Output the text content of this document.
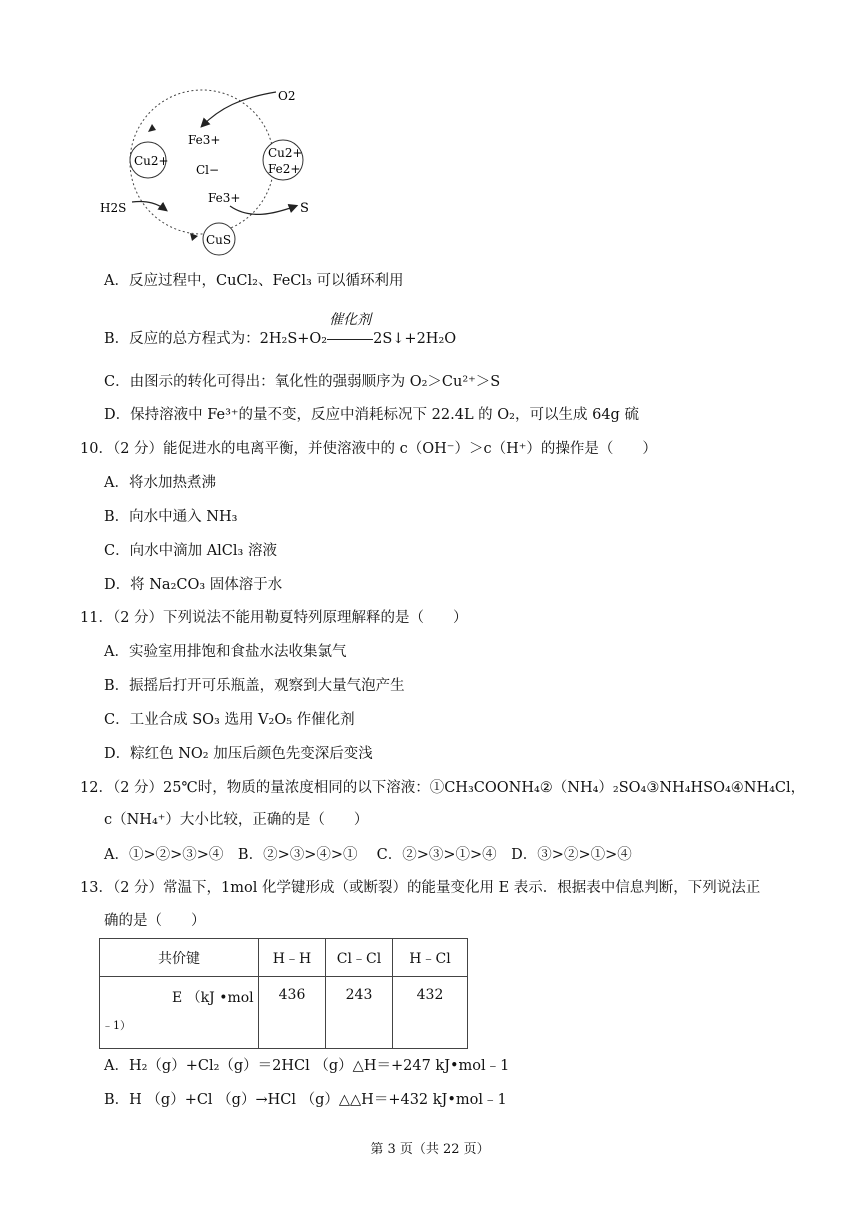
Cu2+
Cu2+
Fe2+
CuS
Fe3+
Cl−
Fe3+
O2
H2S	S
A．反应过程中，CuCl₂、FeCl₃ 可以循环利用
B．反应的总方程式为：2H₂S+O₂
催化剂
2S↓+2H₂O
C．由图示的转化可得出：氧化性的强弱顺序为 O₂＞Cu²⁺＞S
D．保持溶液中 Fe³⁺的量不变，反应中消耗标况下 22.4L 的 O₂，可以生成 64g 硫
10．（2 分）能促进水的电离平衡，并使溶液中的 c（OH⁻）＞c（H⁺）的操作是（　　）
A．将水加热煮沸
B．向水中通入 NH₃
C．向水中滴加 AlCl₃ 溶液
D．将 Na₂CO₃ 固体溶于水
11．（2 分）下列说法不能用勒夏特列原理解释的是（　　）
A．实验室用排饱和食盐水法收集氯气
B．振摇后打开可乐瓶盖，观察到大量气泡产生
C．工业合成 SO₃ 选用 V₂O₅ 作催化剂
D．粽红色 NO₂ 加压后颜色先变深后变浅
12．（2 分）25℃时，物质的量浓度相同的以下溶液：①CH₃COONH₄②（NH₄）₂SO₄③NH₄HSO₄④NH₄Cl，
c（NH₄⁺）大小比较，正确的是（　　）
A．①>②>③>④　B．②>③>④>①　 C．②>③>①>④　D．③>②>①>④
13．（2 分）常温下，1mol 化学键形成（或断裂）的能量变化用 E 表示．根据表中信息判断，下列说法正
确的是（　　）
共价键	H﹣H	Cl﹣Cl	H﹣Cl

E （kJ •mol
﹣1）	436	243	432
A．H₂（g）+Cl₂（g）＝2HCl （g）△H＝+247 kJ•mol﹣1
B．H （g）+Cl （g）→HCl （g）△△H＝+432 kJ•mol﹣1
第 3 页（共 22 页）
